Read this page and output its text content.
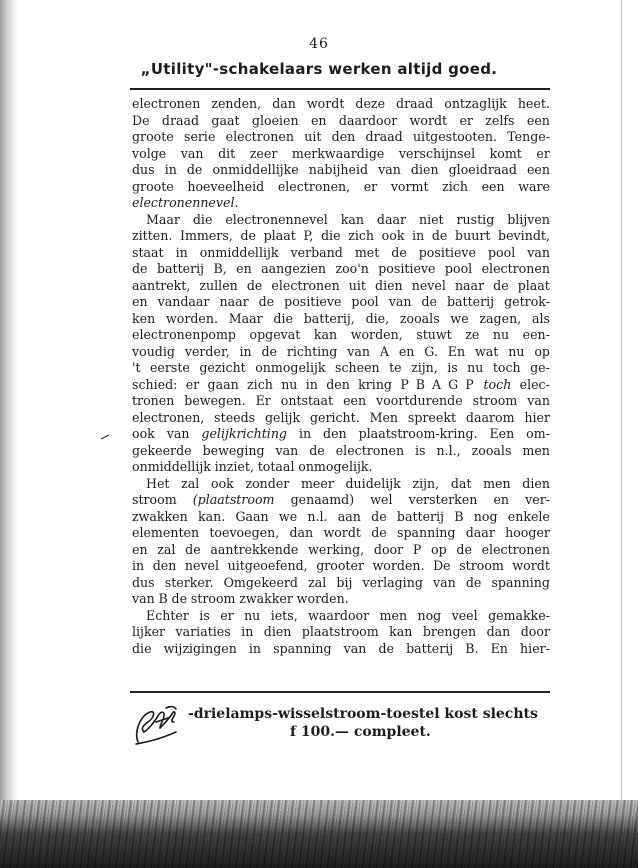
46
„Utility"-schakelaars werken altijd goed.
electronen zenden, dan wordt deze draad ontzaglijk heet.
De draad gaat gloeien en daardoor wordt er zelfs een
groote serie electronen uit den draad uitgestooten. Tenge-
volge van dit zeer merkwaardige verschijnsel komt er
dus in de onmiddellijke nabijheid van dien gloeidraad een
groote hoeveelheid electronen, er vormt zich een ware
electronennevel.
Maar die electronennevel kan daar niet rustig blijven
zitten. Immers, de plaat P, die zich ook in de buurt bevindt,
staat in onmiddellijk verband met de positieve pool van
de batterij B, en aangezien zoo'n positieve pool electronen
aantrekt, zullen de electronen uit dien nevel naar de plaat
en vandaar naar de positieve pool van de batterij getrok-
ken worden. Maar die batterij, die, zooals we zagen, als
electronenpomp opgevat kan worden, stuwt ze nu een-
voudig verder, in de richting van A en G. En wat nu op
't eerste gezicht onmogelijk scheen te zijn, is nu toch ge-
schied: er gaan zich nu in den kring P B A G P toch elec-
tronen bewegen. Er ontstaat een voortdurende stroom van
electronen, steeds gelijk gericht. Men spreekt daarom hier
ook van gelijkrichting in den plaatstroom-kring. Een om-
gekeerde beweging van de electronen is n.l., zooals men
onmiddellijk inziet, totaal onmogelijk.
Het zal ook zonder meer duidelijk zijn, dat men dien
stroom (plaatstroom genaamd) wel versterken en ver-
zwakken kan. Gaan we n.l. aan de batterij B nog enkele
elementen toevoegen, dan wordt de spanning daar hooger
en zal de aantrekkende werking, door P op de electronen
in den nevel uitgeoefend, grooter worden. De stroom wordt
dus sterker. Omgekeerd zal bij verlaging van de spanning
van B de stroom zwakker worden.
Echter is er nu iets, waardoor men nog veel gemakke-
lijker variaties in dien plaatstroom kan brengen dan door
die wijzigingen in spanning van de batterij B. En hier-
-drielamps-wisselstroom-toestel kost slechts
f 100.— compleet.
